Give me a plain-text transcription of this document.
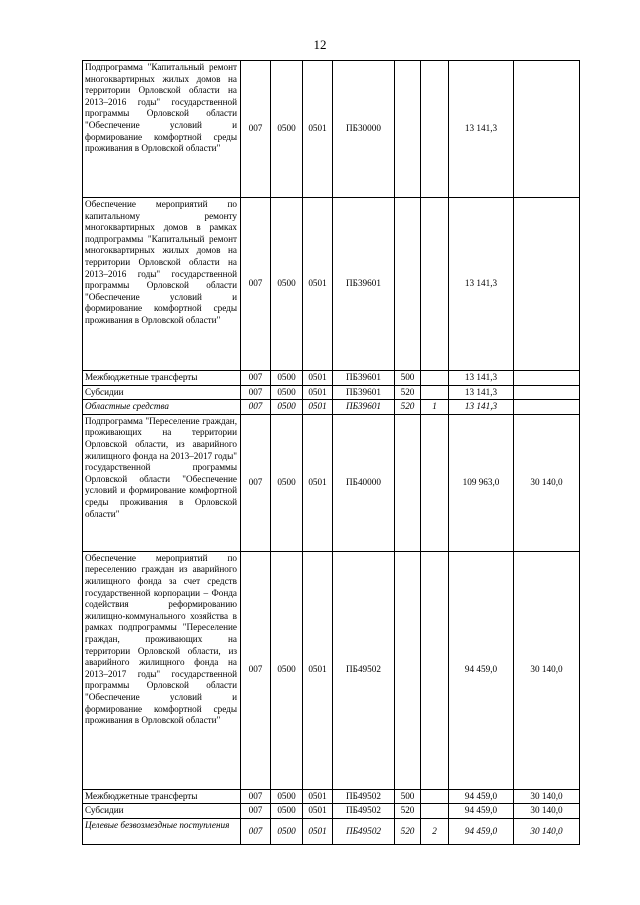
12
Подпрограмма "Капитальный ремонт многоквартирных жилых домов на территории Орловской области на 2013–2016 годы" государственной программы Орловской области "Обеспечение условий и формирование комфортной среды проживания в Орловской области"	007	0500	0501	ПБ30000			13 141,3	
Обеспечение мероприятий по капитальному ремонту многоквартирных домов в рамках подпрограммы "Капитальный ремонт многоквартирных жилых домов на территории Орловской области на 2013–2016 годы" государственной программы Орловской области "Обеспечение условий и формирование комфортной среды проживания в Орловской области"	007	0500	0501	ПБ39601			13 141,3	
Межбюджетные трансферты	007	0500	0501	ПБ39601	500		13 141,3	
Субсидии	007	0500	0501	ПБ39601	520		13 141,3	
Областные средства	007	0500	0501	ПБ39601	520	1	13 141,3	
Подпрограмма "Переселение граждан, проживающих на территории Орловской области, из аварийного жилищного фонда на 2013–2017 годы" государственной программы Орловской области "Обеспечение условий и формирование комфортной среды проживания в Орловской области"	007	0500	0501	ПБ40000			109 963,0	30 140,0
Обеспечение мероприятий по переселению граждан из аварийного жилищного фонда за счет средств государственной корпорации – Фонда содействия реформированию жилищно-коммунального хозяйства в рамках подпрограммы "Переселение граждан, проживающих на территории Орловской области, из аварийного жилищного фонда на 2013–2017 годы" государственной программы Орловской области "Обеспечение условий и формирование комфортной среды проживания в Орловской области"	007	0500	0501	ПБ49502			94 459,0	30 140,0
Межбюджетные трансферты	007	0500	0501	ПБ49502	500		94 459,0	30 140,0
Субсидии	007	0500	0501	ПБ49502	520		94 459,0	30 140,0
Целевые безвозмездные поступления	007	0500	0501	ПБ49502	520	2	94 459,0	30 140,0
